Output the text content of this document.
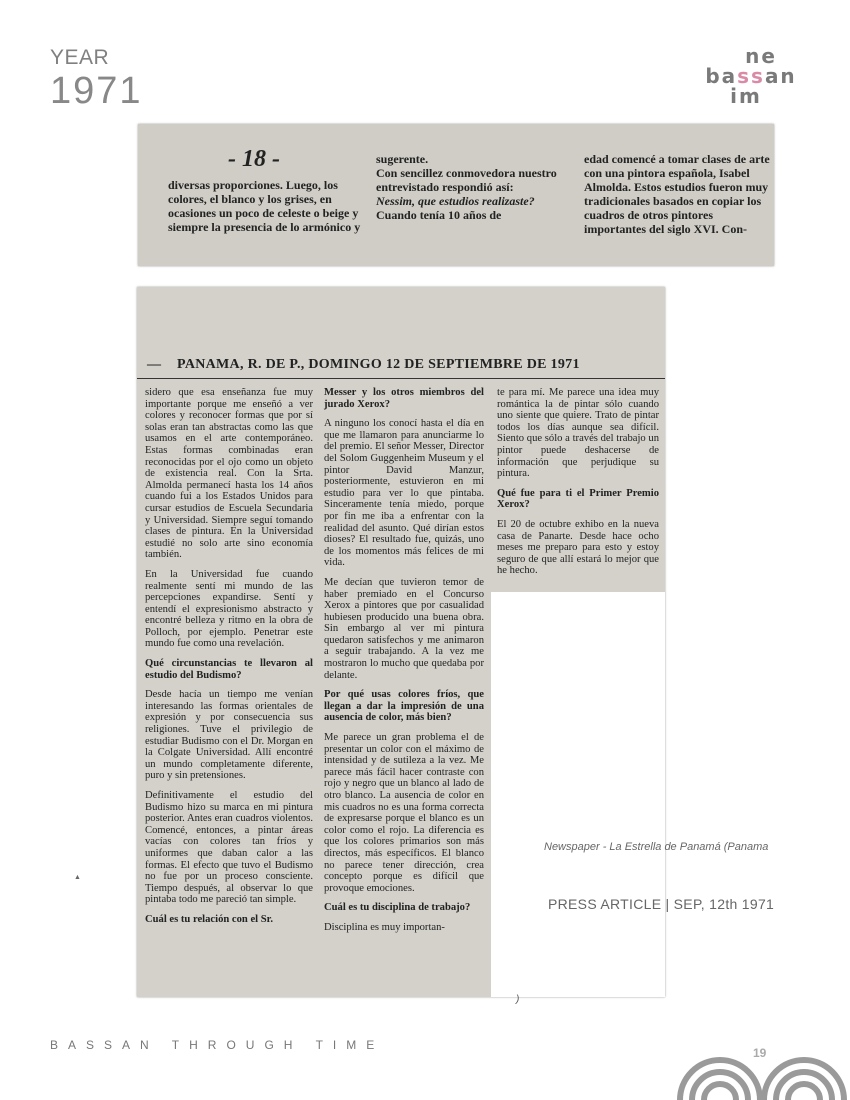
YEAR
1971
ne
bassan
im
- 18 -
diversas proporciones. Luego, los colores, el blanco y los grises, en ocasiones un poco de celeste o beige y siempre la presencia de lo armónico y
sugerente.
Con sencillez conmovedora nuestro entrevistado respondió así:
Nessim, que estudios realizaste?
Cuando tenía 10 años de
edad comencé a tomar clases de arte con una pintora española, Isabel Almolda. Estos estudios fueron muy tradicionales basados en copiar los cuadros de otros pintores importantes del siglo XVI. Con-
— PANAMA, R. DE P., DOMINGO 12 DE SEPTIEMBRE DE 1971

sidero que esa enseñanza fue muy importante porque me enseñó a ver colores y reconocer formas que por sí solas eran tan abstractas como las que usamos en el arte contemporáneo. Estas formas combinadas eran reconocidas por el ojo como un objeto de existencia real. Con la Srta. Almolda permanecí hasta los 14 años cuando fui a los Estados Unidos para cursar estudios de Escuela Secundaria y Universidad. Siempre seguí tomando clases de pintura. En la Universidad estudié no solo arte sino economía también.

En la Universidad fue cuando realmente sentí mi mundo de las percepciones expandirse. Sentí y entendí el expresionismo abstracto y encontré belleza y ritmo en la obra de Polloch, por ejemplo. Penetrar este mundo fue como una revelación.

Qué circunstancias te llevaron al estudio del Budismo?

Desde hacía un tiempo me venían interesando las formas orientales de expresión y por consecuencia sus religiones. Tuve el privilegio de estudiar Budismo con el Dr. Morgan en la Colgate Universidad. Allí encontré un mundo completamente diferente, puro y sin pretensiones.

Definitivamente el estudio del Budismo hizo su marca en mi pintura posterior. Antes eran cuadros violentos. Comencé, entonces, a pintar áreas vacías con colores tan fríos y uniformes que daban calor a las formas. El efecto que tuvo el Budismo no fue por un proceso consciente. Tiempo después, al observar lo que pintaba todo me pareció tan simple.

Cuál es tu relación con el Sr.

Messer y los otros miembros del jurado Xerox?

A ninguno los conocí hasta el día en que me llamaron para anunciarme lo del premio. El señor Messer, Director del Solom Guggenheim Museum y el pintor David Manzur, posteriormente, estuvieron en mi estudio para ver lo que pintaba. Sinceramente tenía miedo, porque por fin me iba a enfrentar con la realidad del asunto. Qué dirían estos dioses? El resultado fue, quizás, uno de los momentos más felices de mi vida.

Me decían que tuvieron temor de haber premiado en el Concurso Xerox a pintores que por casualidad hubiesen producido una buena obra. Sin embargo al ver mi pintura quedaron satisfechos y me animaron a seguir trabajando. A la vez me mostraron lo mucho que quedaba por delante.

Por qué usas colores fríos, que llegan a dar la impresión de una ausencia de color, más bien?

Me parece un gran problema el de presentar un color con el máximo de intensidad y de sutileza a la vez. Me parece más fácil hacer contraste con rojo y negro que un blanco al lado de otro blanco. La ausencia de color en mis cuadros no es una forma correcta de expresarse porque el blanco es un color como el rojo. La diferencia es que los colores primarios son más directos, más específicos. El blanco no parece tener dirección, crea concepto porque es difícil que provoque emociones.

Cuál es tu disciplina de trabajo?

Disciplina es muy importan-

te para mí. Me parece una idea muy romántica la de pintar sólo cuando uno siente que quiere. Trato de pintar todos los días aunque sea difícil. Siento que sólo a través del trabajo un pintor puede deshacerse de información que perjudique su pintura.

Qué fue para ti el Primer Premio Xerox?

El 20 de octubre exhibo en la nueva casa de Panarte. Desde hace ocho meses me preparo para esto y estoy seguro de que allí estará lo mejor que he hecho.

Newspaper - La Estrella de Panamá (Panama
PRESS ARTICLE | SEP, 12th 1971
)
▲
BASSAN THROUGH TIME
19
